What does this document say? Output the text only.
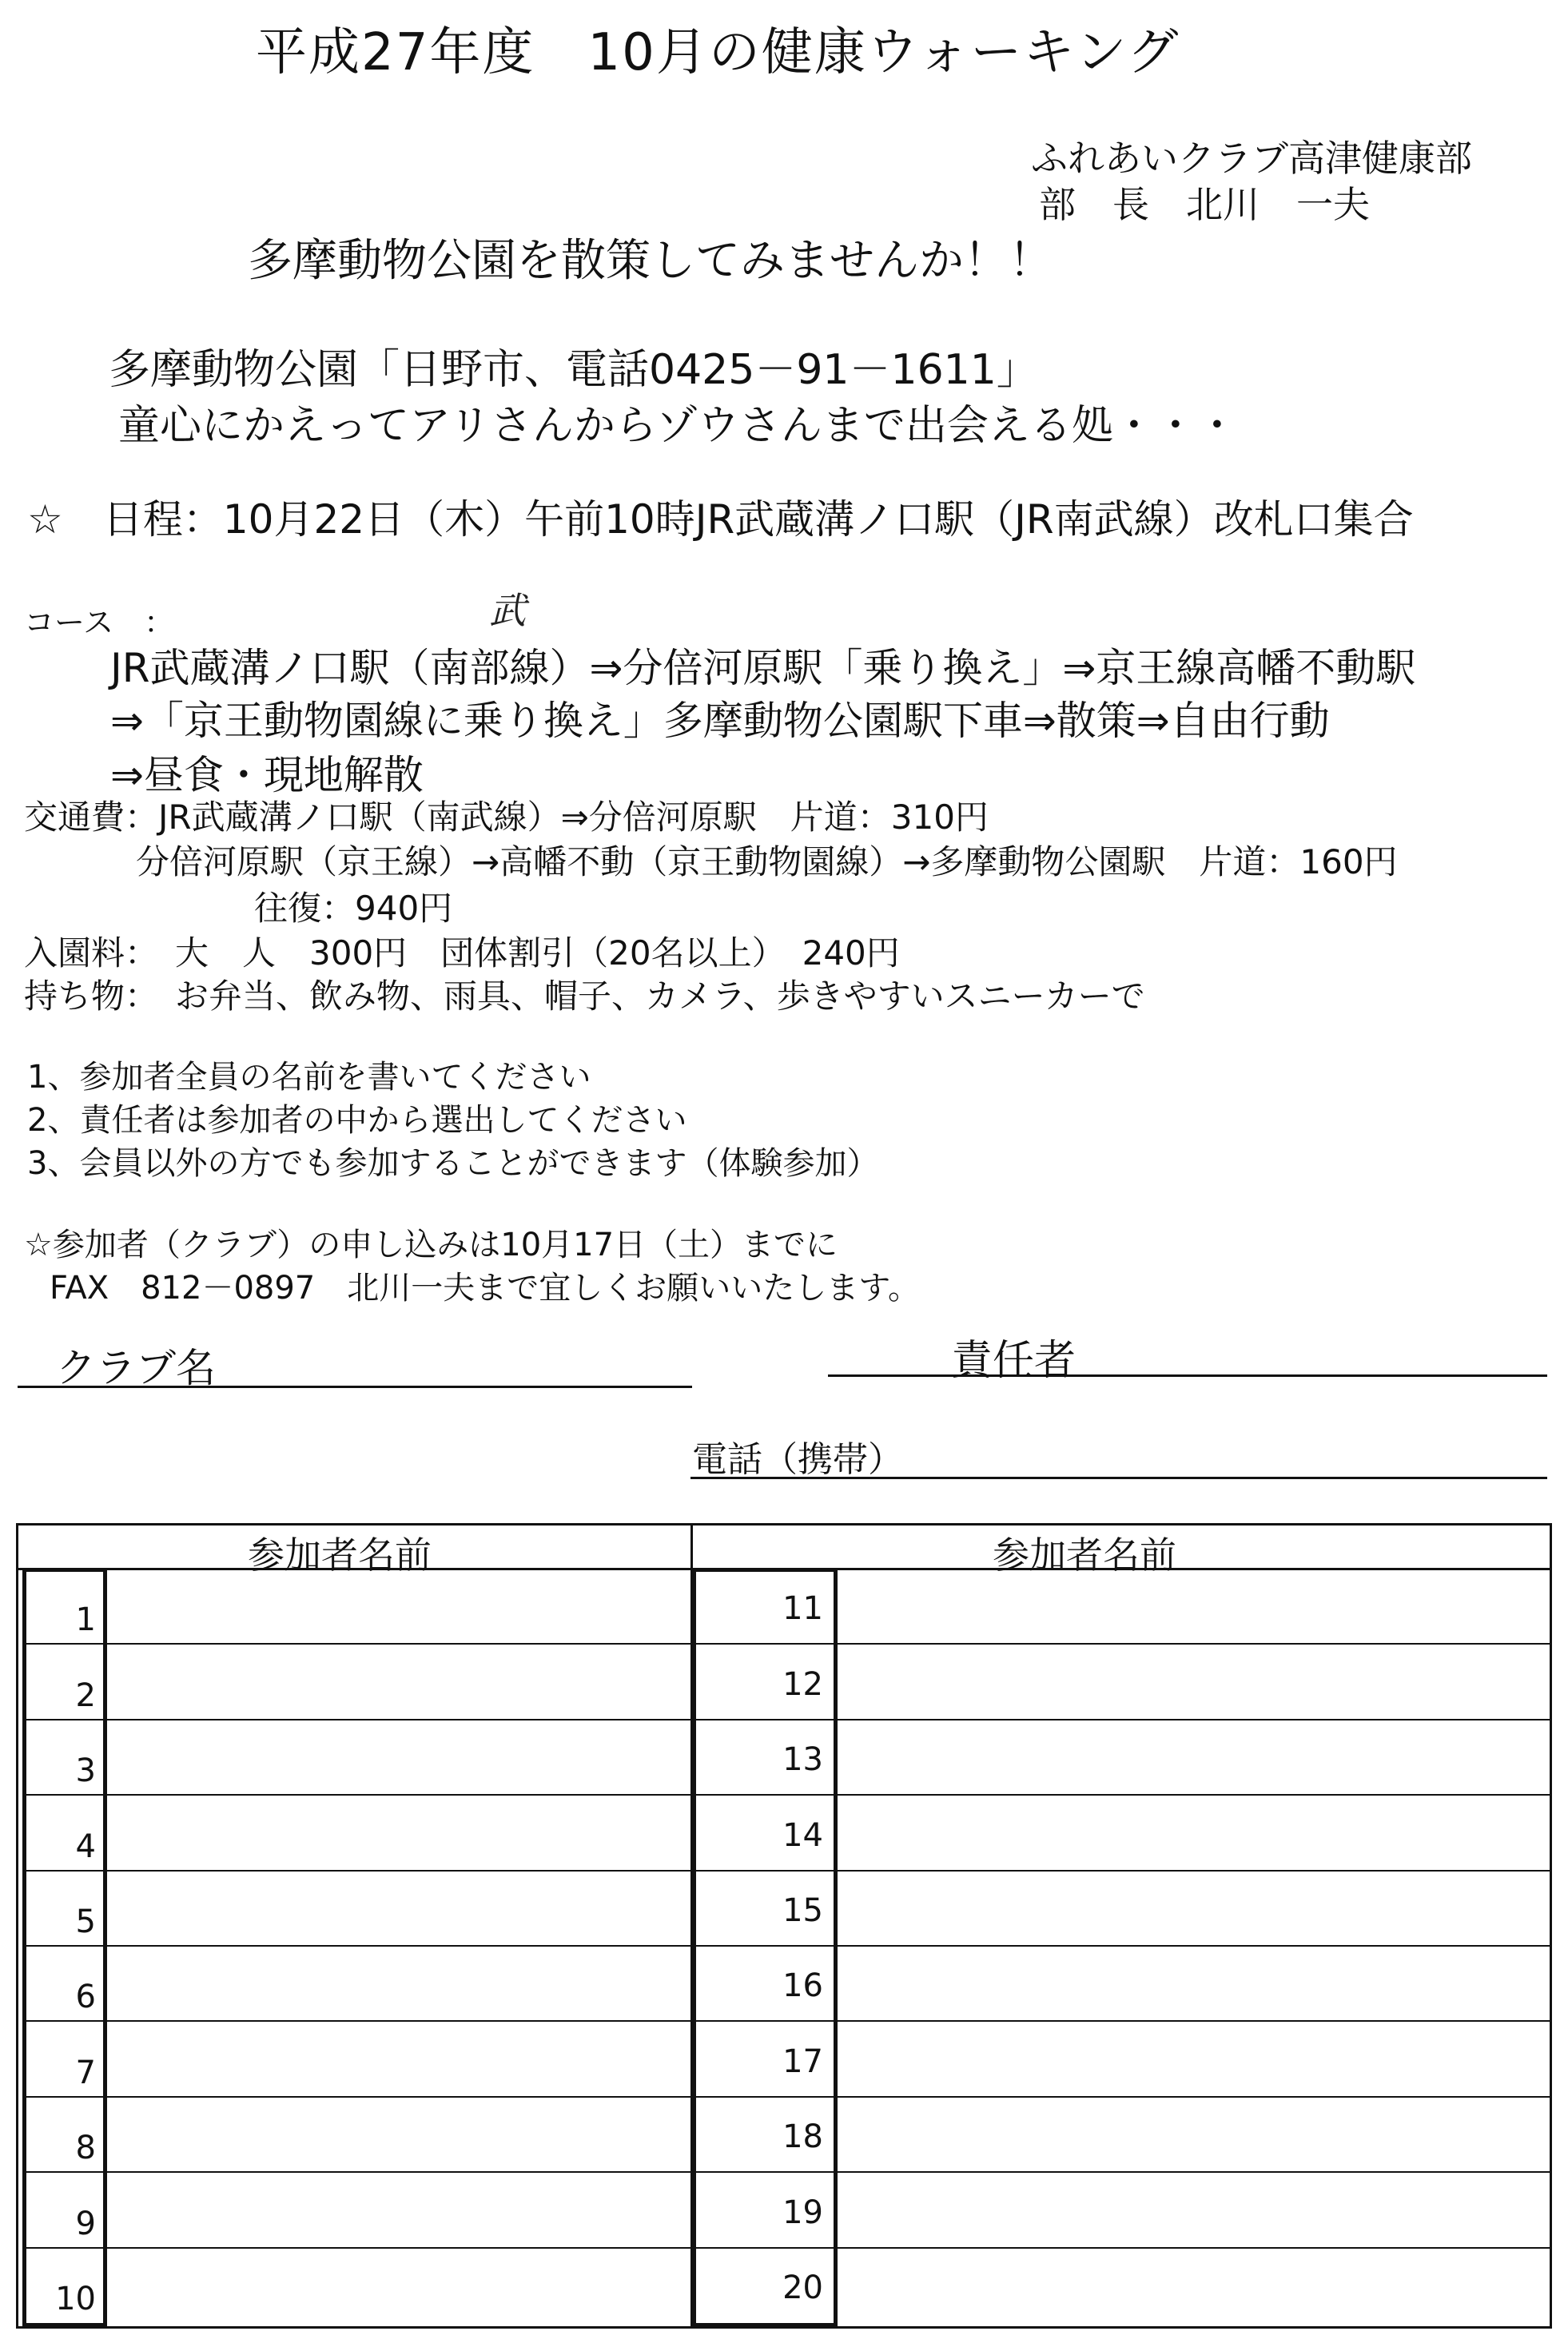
平成27年度　10月の健康ウォーキング
ふれあいクラブ高津健康部
部　長　北川　一夫
多摩動物公園を散策してみませんか！！
多摩動物公園「日野市、電話0425－91－1611」
童心にかえってアリさんからゾウさんまで出会える処・・・
☆　日程：10月22日（木）午前10時JR武蔵溝ノ口駅（JR南武線）改札口集合
コース　：	武
JR武蔵溝ノ口駅（南部線）⇒分倍河原駅「乗り換え」⇒京王線高幡不動駅
⇒「京王動物園線に乗り換え」多摩動物公園駅下車⇒散策⇒自由行動
⇒昼食・現地解散
交通費：JR武蔵溝ノ口駅（南武線）⇒分倍河原駅　片道：310円
分倍河原駅（京王線）→高幡不動（京王動物園線）→多摩動物公園駅　片道：160円
往復：940円
入園料：　大　人　300円　団体割引（20名以上）　240円
持ち物：　お弁当、飲み物、雨具、帽子、カメラ、歩きやすいスニーカーで
1、参加者全員の名前を書いてください
2、責任者は参加者の中から選出してください
3、会員以外の方でも参加することができます（体験参加）
☆参加者（クラブ）の申し込みは10月17日（土）までに
FAX　812－0897　北川一夫まで宜しくお願いいたします。
クラブ名	責任者
電話（携帯）
参加者名前	参加者名前
1	11
2	12
3	13
4	14
5	15
6	16
7	17
8	18
9	19
10	20
